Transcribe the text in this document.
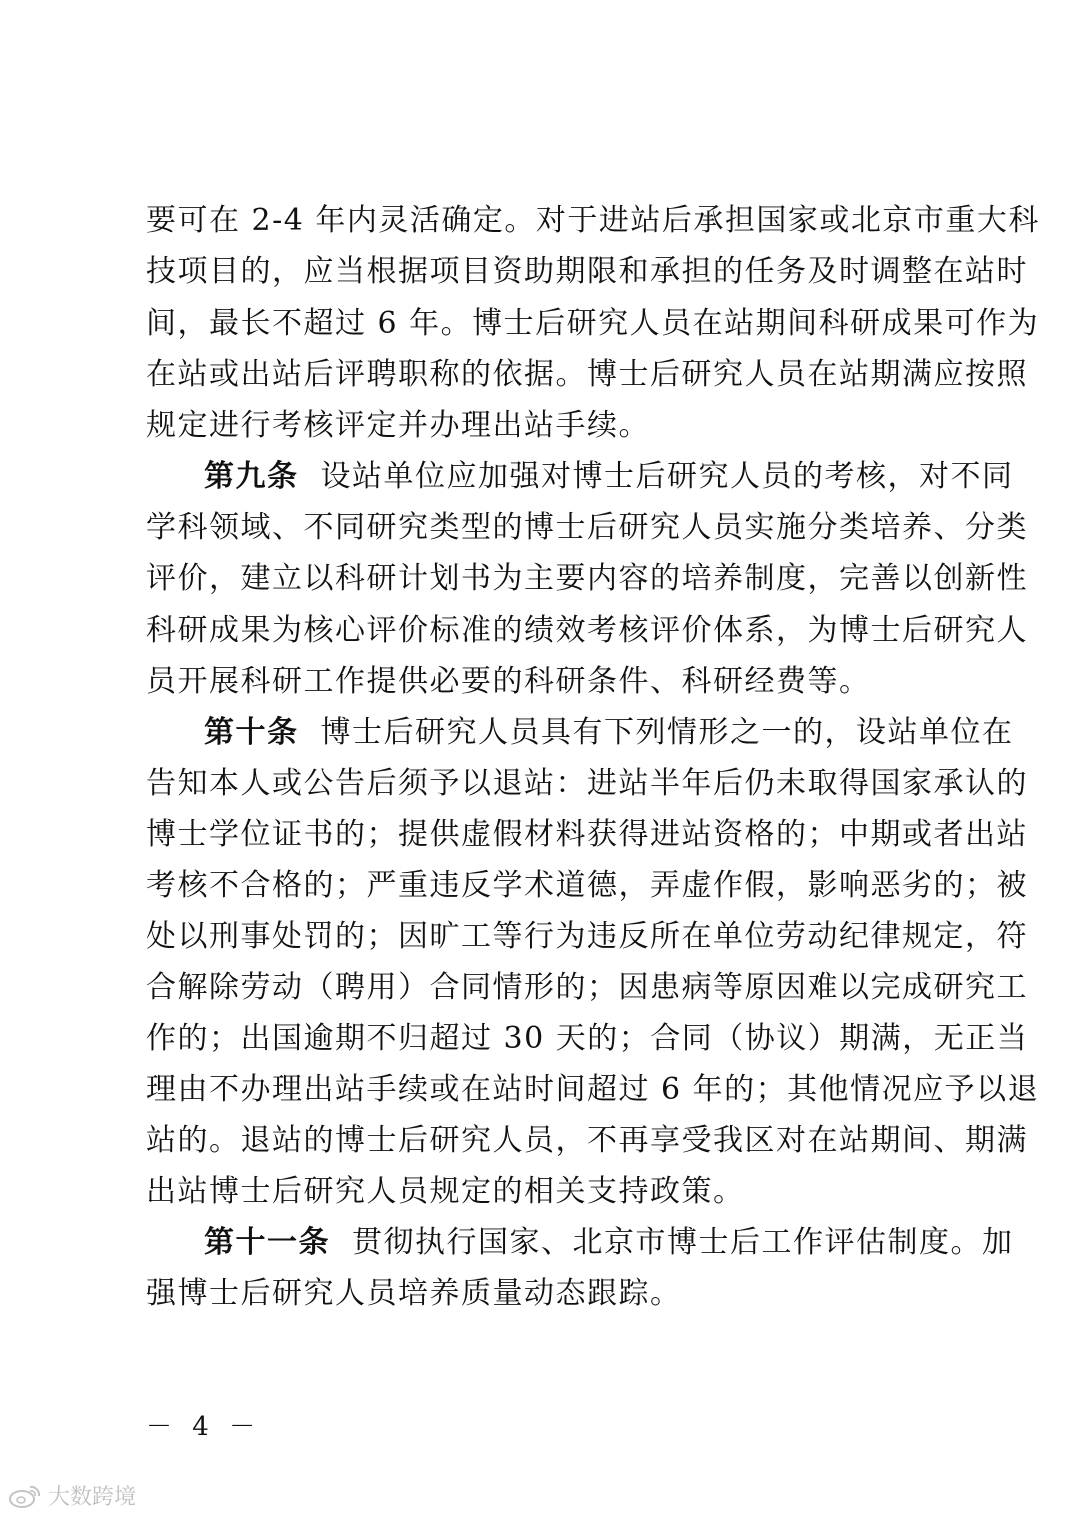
要可在 2-4 年内灵活确定。对于进站后承担国家或北京市重大科
技项目的，应当根据项目资助期限和承担的任务及时调整在站时
间，最长不超过 6 年。博士后研究人员在站期间科研成果可作为
在站或出站后评聘职称的依据。博士后研究人员在站期满应按照
规定进行考核评定并办理出站手续。
第九条 设站单位应加强对博士后研究人员的考核，对不同
学科领域、不同研究类型的博士后研究人员实施分类培养、分类
评价，建立以科研计划书为主要内容的培养制度，完善以创新性
科研成果为核心评价标准的绩效考核评价体系，为博士后研究人
员开展科研工作提供必要的科研条件、科研经费等。
第十条 博士后研究人员具有下列情形之一的，设站单位在
告知本人或公告后须予以退站：进站半年后仍未取得国家承认的
博士学位证书的；提供虚假材料获得进站资格的；中期或者出站
考核不合格的；严重违反学术道德，弄虚作假，影响恶劣的；被
处以刑事处罚的；因旷工等行为违反所在单位劳动纪律规定，符
合解除劳动（聘用）合同情形的；因患病等原因难以完成研究工
作的；出国逾期不归超过 30 天的；合同（协议）期满，无正当
理由不办理出站手续或在站时间超过 6 年的；其他情况应予以退
站的。退站的博士后研究人员，不再享受我区对在站期间、期满
出站博士后研究人员规定的相关支持政策。
第十一条 贯彻执行国家、北京市博士后工作评估制度。加
强博士后研究人员培养质量动态跟踪。
－ 4 －
大数跨境
